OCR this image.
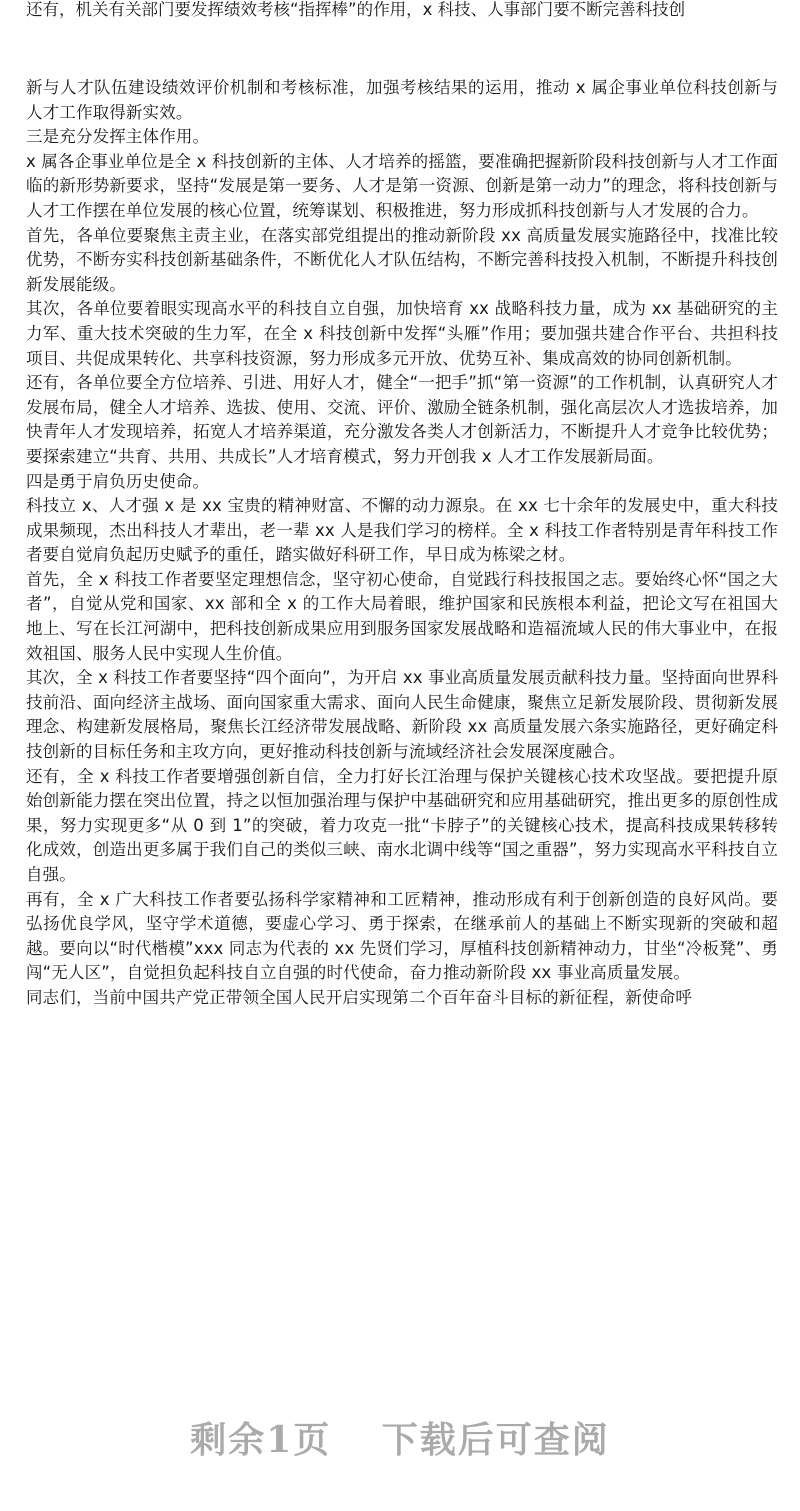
还有，机关有关部门要发挥绩效考核“指挥棒”的作用，x 科技、人事部门要不断完善科技创

新与人才队伍建设绩效评价机制和考核标准，加强考核结果的运用，推动 x 属企事业单位科技创新与人才工作取得新实效。

三是充分发挥主体作用。

x 属各企事业单位是全 x 科技创新的主体、人才培养的摇篮，要准确把握新阶段科技创新与人才工作面临的新形势新要求，坚持“发展是第一要务、人才是第一资源、创新是第一动力”的理念，将科技创新与人才工作摆在单位发展的核心位置，统筹谋划、积极推进，努力形成抓科技创新与人才发展的合力。

首先，各单位要聚焦主责主业，在落实部党组提出的推动新阶段 xx 高质量发展实施路径中，找准比较优势，不断夯实科技创新基础条件，不断优化人才队伍结构，不断完善科技投入机制，不断提升科技创新发展能级。

其次，各单位要着眼实现高水平的科技自立自强，加快培育 xx 战略科技力量，成为 xx 基础研究的主力军、重大技术突破的生力军，在全 x 科技创新中发挥“头雁”作用；要加强共建合作平台、共担科技项目、共促成果转化、共享科技资源，努力形成多元开放、优势互补、集成高效的协同创新机制。

还有，各单位要全方位培养、引进、用好人才，健全“一把手”抓“第一资源”的工作机制，认真研究人才发展布局，健全人才培养、选拔、使用、交流、评价、激励全链条机制，强化高层次人才选拔培养，加快青年人才发现培养，拓宽人才培养渠道，充分激发各类人才创新活力，不断提升人才竞争比较优势；要探索建立“共育、共用、共成长”人才培育模式，努力开创我 x 人才工作发展新局面。

四是勇于肩负历史使命。

科技立 x、人才强 x 是 xx 宝贵的精神财富、不懈的动力源泉。在 xx 七十余年的发展史中，重大科技成果频现，杰出科技人才辈出，老一辈 xx 人是我们学习的榜样。全 x 科技工作者特别是青年科技工作者要自觉肩负起历史赋予的重任，踏实做好科研工作，早日成为栋梁之材。

首先，全 x 科技工作者要坚定理想信念，坚守初心使命，自觉践行科技报国之志。要始终心怀“国之大者”，自觉从党和国家、xx 部和全 x 的工作大局着眼，维护国家和民族根本利益，把论文写在祖国大地上、写在长江河湖中，把科技创新成果应用到服务国家发展战略和造福流域人民的伟大事业中，在报效祖国、服务人民中实现人生价值。

其次，全 x 科技工作者要坚持“四个面向”，为开启 xx 事业高质量发展贡献科技力量。坚持面向世界科技前沿、面向经济主战场、面向国家重大需求、面向人民生命健康，聚焦立足新发展阶段、贯彻新发展理念、构建新发展格局，聚焦长江经济带发展战略、新阶段 xx 高质量发展六条实施路径，更好确定科技创新的目标任务和主攻方向，更好推动科技创新与流域经济社会发展深度融合。

还有，全 x 科技工作者要增强创新自信，全力打好长江治理与保护关键核心技术攻坚战。要把提升原始创新能力摆在突出位置，持之以恒加强治理与保护中基础研究和应用基础研究，推出更多的原创性成果，努力实现更多“从 0 到 1”的突破，着力攻克一批“卡脖子”的关键核心技术，提高科技成果转移转化成效，创造出更多属于我们自己的类似三峡、南水北调中线等“国之重器”，努力实现高水平科技自立自强。

再有，全 x 广大科技工作者要弘扬科学家精神和工匠精神，推动形成有利于创新创造的良好风尚。要弘扬优良学风，坚守学术道德，要虚心学习、勇于探索，在继承前人的基础上不断实现新的突破和超越。要向以“时代楷模”xxx 同志为代表的 xx 先贤们学习，厚植科技创新精神动力，甘坐“冷板凳”、勇闯“无人区”，自觉担负起科技自立自强的时代使命，奋力推动新阶段 xx 事业高质量发展。

同志们，当前中国共产党正带领全国人民开启实现第二个百年奋斗目标的新征程，新使命呼

剩余1页 下载后可查阅
